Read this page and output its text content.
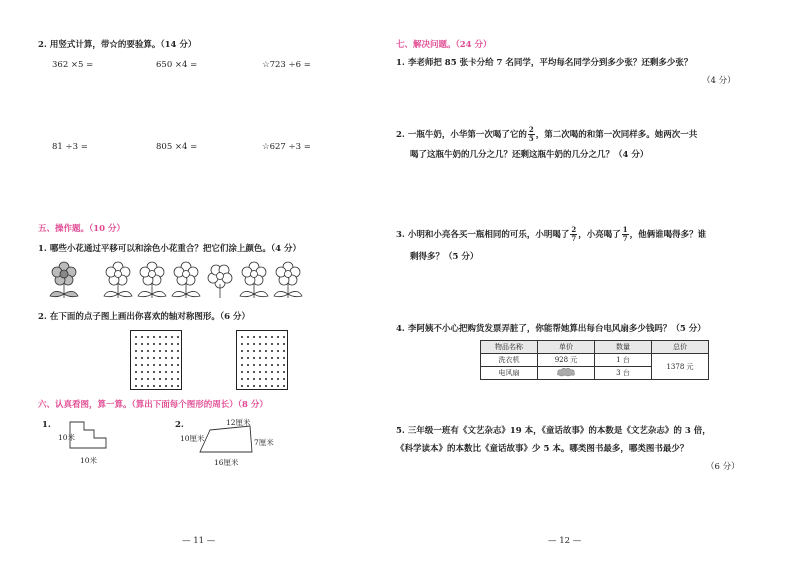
2. 用竖式计算，带☆的要验算。（14 分）
362 ×5 =	650 ×4 =	☆723 ÷6 =
81 ÷3 =	805 ×4 =	☆627 ÷3 =
五、操作题。（10 分）
1. 哪些小花通过平移可以和涂色小花重合？把它们涂上颜色。（4 分）
2. 在下面的点子图上画出你喜欢的轴对称图形。（6 分）
六、认真看图，算一算。（算出下面每个图形的周长）（8 分）
1.
10米
10米
2.	12厘米
10厘米	7厘米
16厘米
— 11 —
七、解决问题。（24 分）
1. 李老师把 85 张卡分给 7 名同学，平均每名同学分到多少张？还剩多少张？
（4 分）
2. 一瓶牛奶，小华第一次喝了它的 $\frac{2}{5}$ ，第二次喝的和第一次同样多。她两次一共
喝了这瓶牛奶的几分之几？还剩这瓶牛奶的几分之几？（4 分）
3. 小明和小亮各买一瓶相同的可乐，小明喝了 $\frac{2}{7}$ ，小亮喝了 $\frac{1}{7}$ ，他俩谁喝得多？谁
剩得多？（5 分）
4. 李阿姨不小心把购货发票弄脏了，你能帮她算出每台电风扇多少钱吗？（5 分）
物品名称	单价	数量	总价
洗衣机	928 元	1 台	1378 元
电风扇		3 台	
5. 三年级一班有《文艺杂志》19 本，《童话故事》的本数是《文艺杂志》的 3 倍，
《科学读本》的本数比《童话故事》少 5 本。哪类图书最多，哪类图书最少？
（6 分）
— 12 —
